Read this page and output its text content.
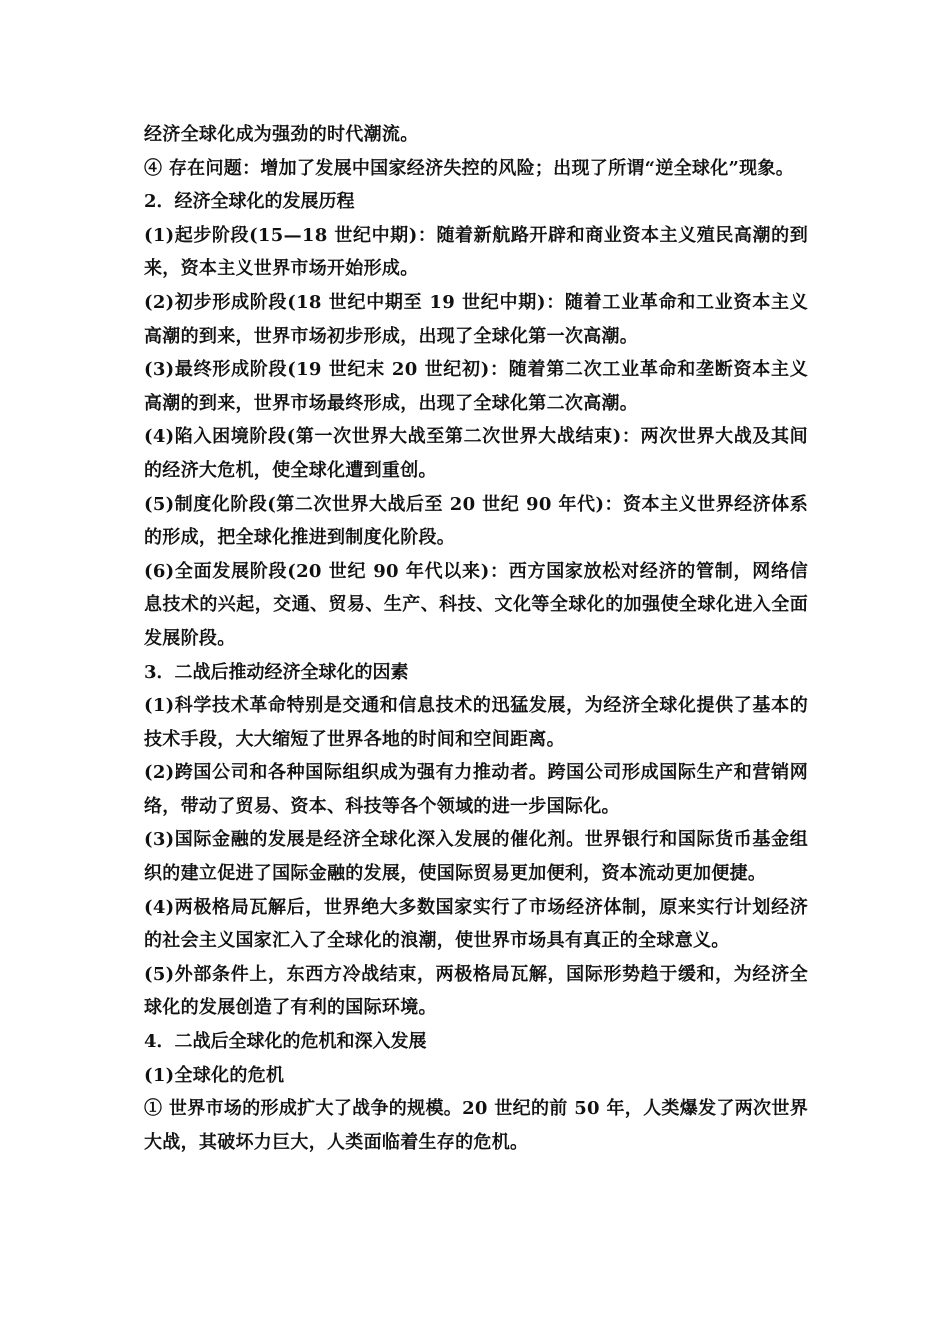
经济全球化成为强劲的时代潮流。

④ 存在问题：增加了发展中国家经济失控的风险；出现了所谓“逆全球化”现象。

2．经济全球化的发展历程

(1)起步阶段(15—18 世纪中期)：随着新航路开辟和商业资本主义殖民高潮的到来，资本主义世界市场开始形成。

(2)初步形成阶段(18 世纪中期至 19 世纪中期)：随着工业革命和工业资本主义高潮的到来，世界市场初步形成，出现了全球化第一次高潮。

(3)最终形成阶段(19 世纪末 20 世纪初)：随着第二次工业革命和垄断资本主义高潮的到来，世界市场最终形成，出现了全球化第二次高潮。

(4)陷入困境阶段(第一次世界大战至第二次世界大战结束)：两次世界大战及其间的经济大危机，使全球化遭到重创。

(5)制度化阶段(第二次世界大战后至 20 世纪 90 年代)：资本主义世界经济体系的形成，把全球化推进到制度化阶段。

(6)全面发展阶段(20 世纪 90 年代以来)：西方国家放松对经济的管制，网络信息技术的兴起，交通、贸易、生产、科技、文化等全球化的加强使全球化进入全面发展阶段。

3．二战后推动经济全球化的因素

(1)科学技术革命特别是交通和信息技术的迅猛发展，为经济全球化提供了基本的技术手段，大大缩短了世界各地的时间和空间距离。

(2)跨国公司和各种国际组织成为强有力推动者。跨国公司形成国际生产和营销网络，带动了贸易、资本、科技等各个领域的进一步国际化。

(3)国际金融的发展是经济全球化深入发展的催化剂。世界银行和国际货币基金组织的建立促进了国际金融的发展，使国际贸易更加便利，资本流动更加便捷。

(4)两极格局瓦解后，世界绝大多数国家实行了市场经济体制，原来实行计划经济的社会主义国家汇入了全球化的浪潮，使世界市场具有真正的全球意义。

(5)外部条件上，东西方冷战结束，两极格局瓦解，国际形势趋于缓和，为经济全球化的发展创造了有利的国际环境。

4．二战后全球化的危机和深入发展

(1)全球化的危机

① 世界市场的形成扩大了战争的规模。20 世纪的前 50 年，人类爆发了两次世界大战，其破坏力巨大，人类面临着生存的危机。
